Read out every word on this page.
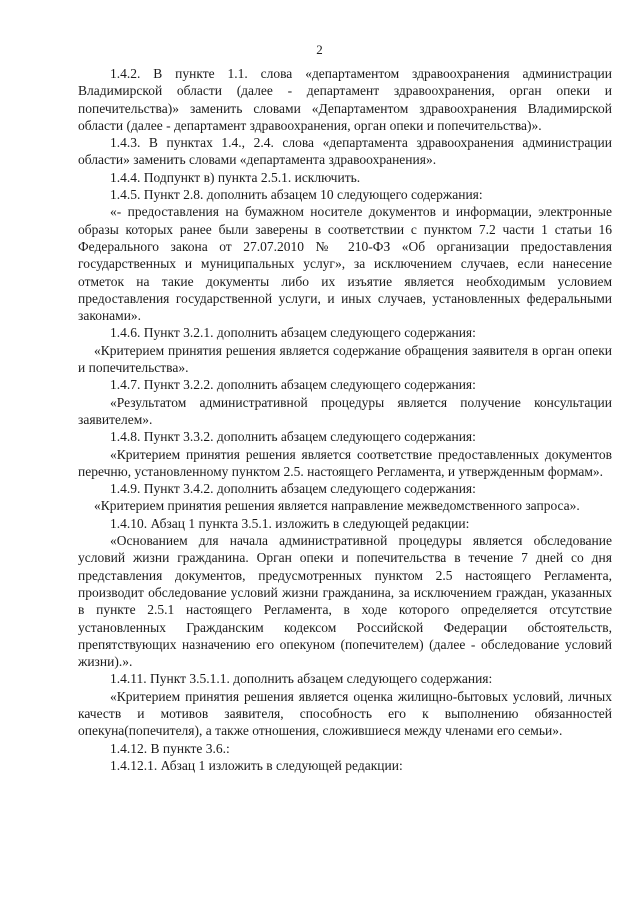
2

1.4.2. В пункте 1.1. слова «департаментом здравоохранения администрации Владимирской области (далее - департамент здравоохранения, орган опеки и попечительства)» заменить словами «Департаментом здравоохранения Владимирской области (далее - департамент здравоохранения, орган опеки и попечительства)».

1.4.3. В пунктах 1.4., 2.4. слова «департамента здравоохранения администрации области» заменить словами «департамента здравоохранения».

1.4.4. Подпункт в) пункта 2.5.1. исключить.

1.4.5. Пункт 2.8. дополнить абзацем 10 следующего содержания:

«- предоставления на бумажном носителе документов и информации, электронные образы которых ранее были заверены в соответствии с пунктом 7.2 части 1 статьи 16 Федерального закона от 27.07.2010 № 210-ФЗ «Об организации предоставления государственных и муниципальных услуг», за исключением случаев, если нанесение отметок на такие документы либо их изъятие является необходимым условием предоставления государственной услуги, и иных случаев, установленных федеральными законами».

1.4.6. Пункт 3.2.1. дополнить абзацем следующего содержания:

«Критерием принятия решения является содержание обращения заявителя в орган опеки и попечительства».

1.4.7. Пункт 3.2.2. дополнить абзацем следующего содержания:

«Результатом административной процедуры является получение консультации заявителем».

1.4.8. Пункт 3.3.2. дополнить абзацем следующего содержания:

«Критерием принятия решения является соответствие предоставленных документов перечню, установленному пунктом 2.5. настоящего Регламента, и утвержденным формам».

1.4.9. Пункт 3.4.2. дополнить абзацем следующего содержания:

«Критерием принятия решения является направление межведомственного запроса».

1.4.10. Абзац 1 пункта 3.5.1. изложить в следующей редакции:

«Основанием для начала административной процедуры является обследование условий жизни гражданина. Орган опеки и попечительства в течение 7 дней со дня представления документов, предусмотренных пунктом 2.5 настоящего Регламента, производит обследование условий жизни гражданина, за исключением граждан, указанных в пункте 2.5.1 настоящего Регламента, в ходе которого определяется отсутствие установленных Гражданским кодексом Российской Федерации обстоятельств, препятствующих назначению его опекуном (попечителем) (далее - обследование условий жизни).».

1.4.11. Пункт 3.5.1.1. дополнить абзацем следующего содержания:

«Критерием принятия решения является оценка жилищно-бытовых условий, личных качеств и мотивов заявителя, способность его к выполнению обязанностей опекуна(попечителя), а также отношения, сложившиеся между членами его семьи».

1.4.12. В пункте 3.6.:

1.4.12.1. Абзац 1 изложить в следующей редакции:
